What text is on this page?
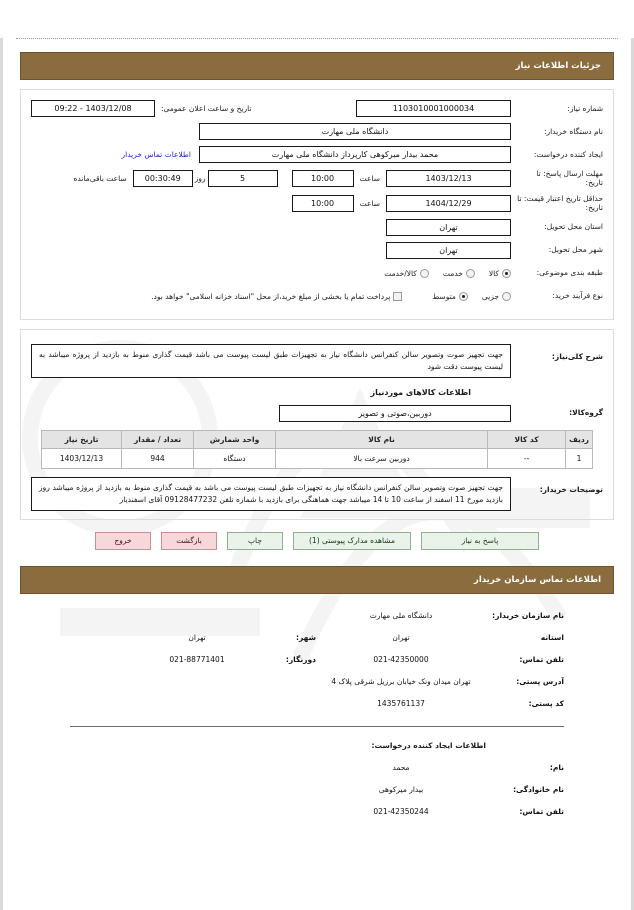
جزئیات اطلاعات نیاز
شماره نیاز:
1103010001000034
تاریخ و ساعت اعلان عمومی:
1403/12/08 - 09:22
نام دستگاه خریدار:
دانشگاه ملی مهارت
ایجاد کننده درخواست:
محمد بیدار میرکوهی کارپرداز دانشگاه ملی مهارت
اطلاعات تماس خریدار
مهلت ارسال پاسخ: تا تاریخ:
1403/12/13
ساعت
10:00
5
روز
00:30:49
ساعت باقی‌مانده
حداقل تاریخ اعتبار قیمت: تا تاریخ:
1404/12/29
ساعت
10:00
استان محل تحویل:
تهران
شهر محل تحویل:
تهران
طبقه بندی موضوعی:
کالا
خدمت
کالا/خدمت
نوع فرآیند خرید:
جزیی
متوسط
پرداخت تمام یا بخشی از مبلغ خرید،از محل "اسناد خزانه اسلامی" خواهد بود.
شرح کلی‌نیاز:
جهت تجهیز صوت وتصویر سالن کنفرانس دانشگاه نیاز به تجهیزات طبق لیست پیوست می باشد قیمت گذاری منوط به بازدید از پروژه میباشد به لیست پیوست دقت شود
اطلاعات کالاهای موردنیاز
گروه‌کالا:
دوربین،صوتی و تصویر
ردیف	کد کالا	نام کالا	واحد شمارش	تعداد / مقدار	تاریخ نیاز
1	--	دوربین سرعت بالا	دستگاه	944	1403/12/13
توضیحات خریدار:
جهت تجهیز صوت وتصویر سالن کنفرانس دانشگاه نیاز به تجهیزات طبق لیست پیوست می باشد به قیمت گذاری منوط به بازدید از پروژه میباشد روز بازدید مورخ 11 اسفند از ساعت 10 تا 14 میباشد جهت هماهنگی برای بازدید با شماره تلفن 09128477232 آقای اسفندیار
پاسخ به نیاز
مشاهده مدارک پیوستی (1)
چاپ
بازگشت
خروج
اطلاعات تماس سازمان خریدار
نام سازمان خریدار:
دانشگاه ملی مهارت
استانه
تهران
شهر:
تهران
تلفن تماس:
021-42350000
دورنگار:
021-88771401
آدرس پستی:
تهران میدان ونک خیابان برزیل شرقی پلاک 4
کد پستی:
1435761137
اطلاعات ایجاد کننده درخواست:
نام:
محمد
نام خانوادگی:
بیدار میرکوهی
تلفن تماس:
021-42350244
